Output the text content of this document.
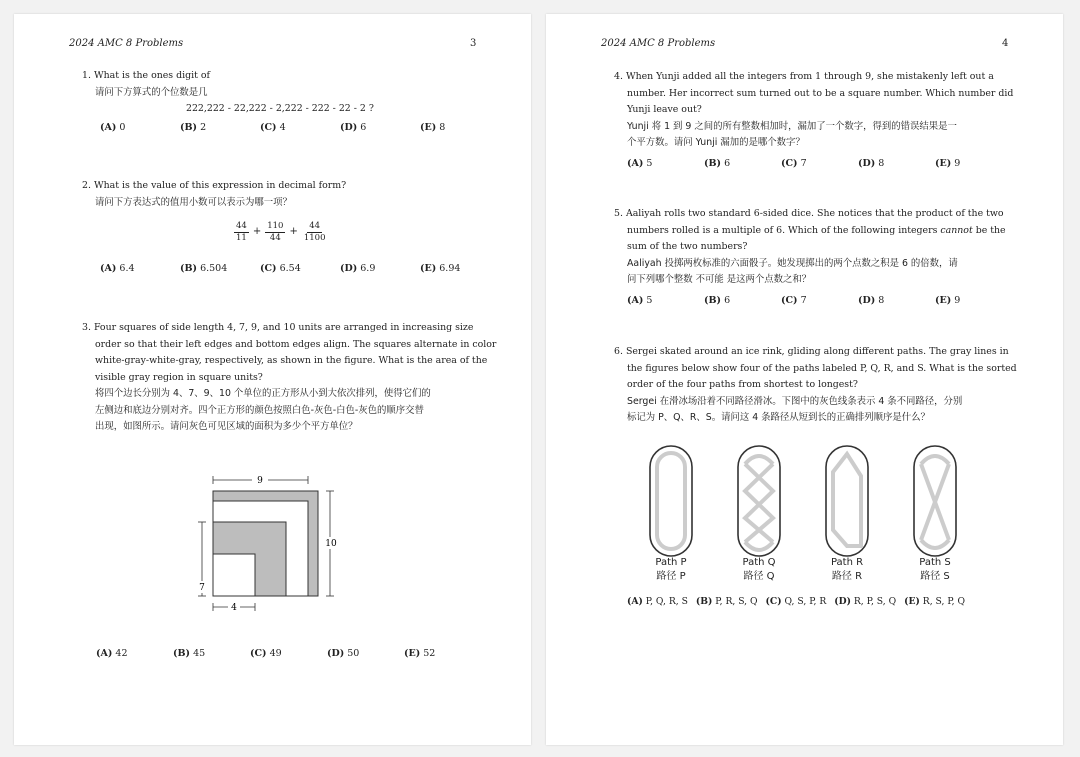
2024 AMC 8 Problems	3

1. What is the ones digit of

请问下方算式的个位数是几

222,222 - 22,222 - 2,222 - 222 - 22 - 2 ?

(A) 0	(B) 2	(C) 4	(D) 6	(E) 8

2. What is the value of this expression in decimal form?

请问下方表达式的值用小数可以表示为哪一项？

$\frac{44}{11} + \frac{110}{44} + \frac{44}{1100}$
(A) 6.4	(B) 6.504	(C) 6.54	(D) 6.9	(E) 6.94

3. Four squares of side length 4, 7, 9, and 10 units are arranged in increasing size

order so that their left edges and bottom edges align. The squares alternate in color

white-gray-white-gray, respectively, as shown in the figure. What is the area of the

visible gray region in square units?

将四个边长分别为 4、7、9、10 个单位的正方形从小到大依次排列，使得它们的

左侧边和底边分别对齐。四个正方形的颜色按照白色-灰色-白色-灰色的顺序交替

出现，如图所示。请问灰色可见区域的面积为多少个平方单位？

9
10
7
4
(A) 42	(B) 45	(C) 49	(D) 50	(E) 52
2024 AMC 8 Problems	4

4. When Yunji added all the integers from 1 through 9, she mistakenly left out a

number. Her incorrect sum turned out to be a square number. Which number did

Yunji leave out?

Yunji 将 1 到 9 之间的所有整数相加时，漏加了一个数字，得到的错误结果是一

个平方数。请问 Yunji 漏加的是哪个数字？

(A) 5	(B) 6	(C) 7	(D) 8	(E) 9

5. Aaliyah rolls two standard 6-sided dice. She notices that the product of the two

numbers rolled is a multiple of 6. Which of the following integers cannot be the

sum of the two numbers?

Aaliyah 投掷两枚标准的六面骰子。她发现掷出的两个点数之积是 6 的倍数，请

问下列哪个整数 不可能 是这两个点数之和？

(A) 5	(B) 6	(C) 7	(D) 8	(E) 9

6. Sergei skated around an ice rink, gliding along different paths. The gray lines in

the figures below show four of the paths labeled P, Q, R, and S. What is the sorted

order of the four paths from shortest to longest?

Sergei 在滑冰场沿着不同路径滑冰。下图中的灰色线条表示 4 条不同路径，分别

标记为 P、Q、R、S。请问这 4 条路径从短到长的正确排列顺序是什么？

Path P
路径 P
Path Q
路径 Q
Path R
路径 R
Path S
路径 S
(A) P, Q, R, S (B) P, R, S, Q (C) Q, S, P, R (D) R, P, S, Q (E) R, S, P, Q
